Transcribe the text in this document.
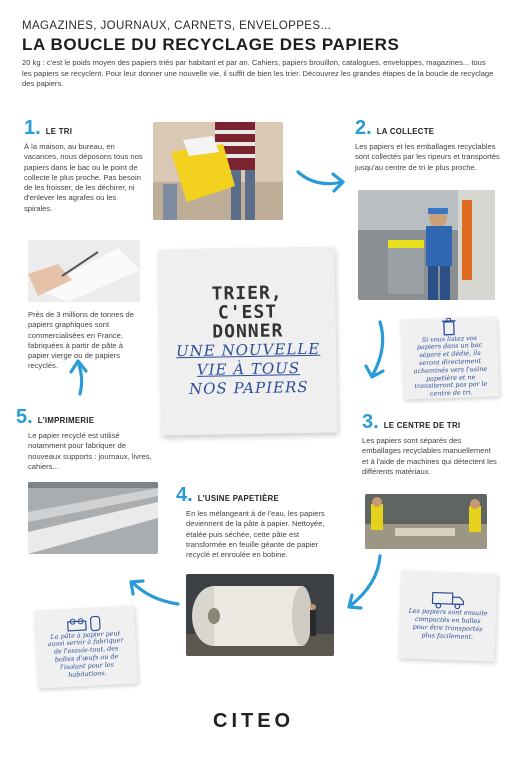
MAGAZINES, JOURNAUX, CARNETS, ENVELOPPES...
LA BOUCLE DU RECYCLAGE DES PAPIERS
20 kg : c'est le poids moyen des papiers triés par habitant et par an. Cahiers, papiers brouillon, catalogues, enveloppes, magazines... tous les papiers se recyclent. Pour leur donner une nouvelle vie, il suffit de bien les trier. Découvrez les grandes étapes de la boucle de recyclage des papiers.
1. LE TRI
À la maison, au bureau, en vacances, nous déposons tous nos papiers dans le bac ou le point de collecte le plus proche. Pas besoin de les froisser, de les déchirer, ni d'enlever les agrafes ou les spirales.
2. LA COLLECTE
Les papiers et les emballages recyclables sont collectés par les ripeurs et transportés jusqu'au centre de tri le plus proche.
TRIER,
C'EST
DONNER
UNE NOUVELLE
VIE À TOUS
NOS PAPIERS
Près de 3 millions de tonnes de papiers graphiques sont commercialisées en France, fabriquées à partir de pâte à papier vierge ou de papiers recyclés.
Si vous listez vos papiers dans un bac séparé et dédié, ils seront directement acheminés vers l'usine papetière et ne transiteront pas par le centre de tri.
3. LE CENTRE DE TRI
Les papiers sont séparés des emballages recyclables manuellement et à l'aide de machines qui détectent les différents matériaux.
5. L'IMPRIMERIE
Le papier recyclé est utilisé notamment pour fabriquer de nouveaux supports : journaux, livres, cahiers...
4. L'USINE PAPETIÈRE
En les mélangeant à de l'eau, les papiers deviennent de la pâte à papier. Nettoyée, étalée puis séchée, cette pâte est transformée en feuille géante de papier recyclé et enroulée en bobine.
Les papiers sont ensuite compactés en balles pour être transportés plus facilement.
La pâte à papier peut aussi servir à fabriquer de l'essuie-tout, des boîtes d'œufs ou de l'isolant pour les habitations.
CITEO
